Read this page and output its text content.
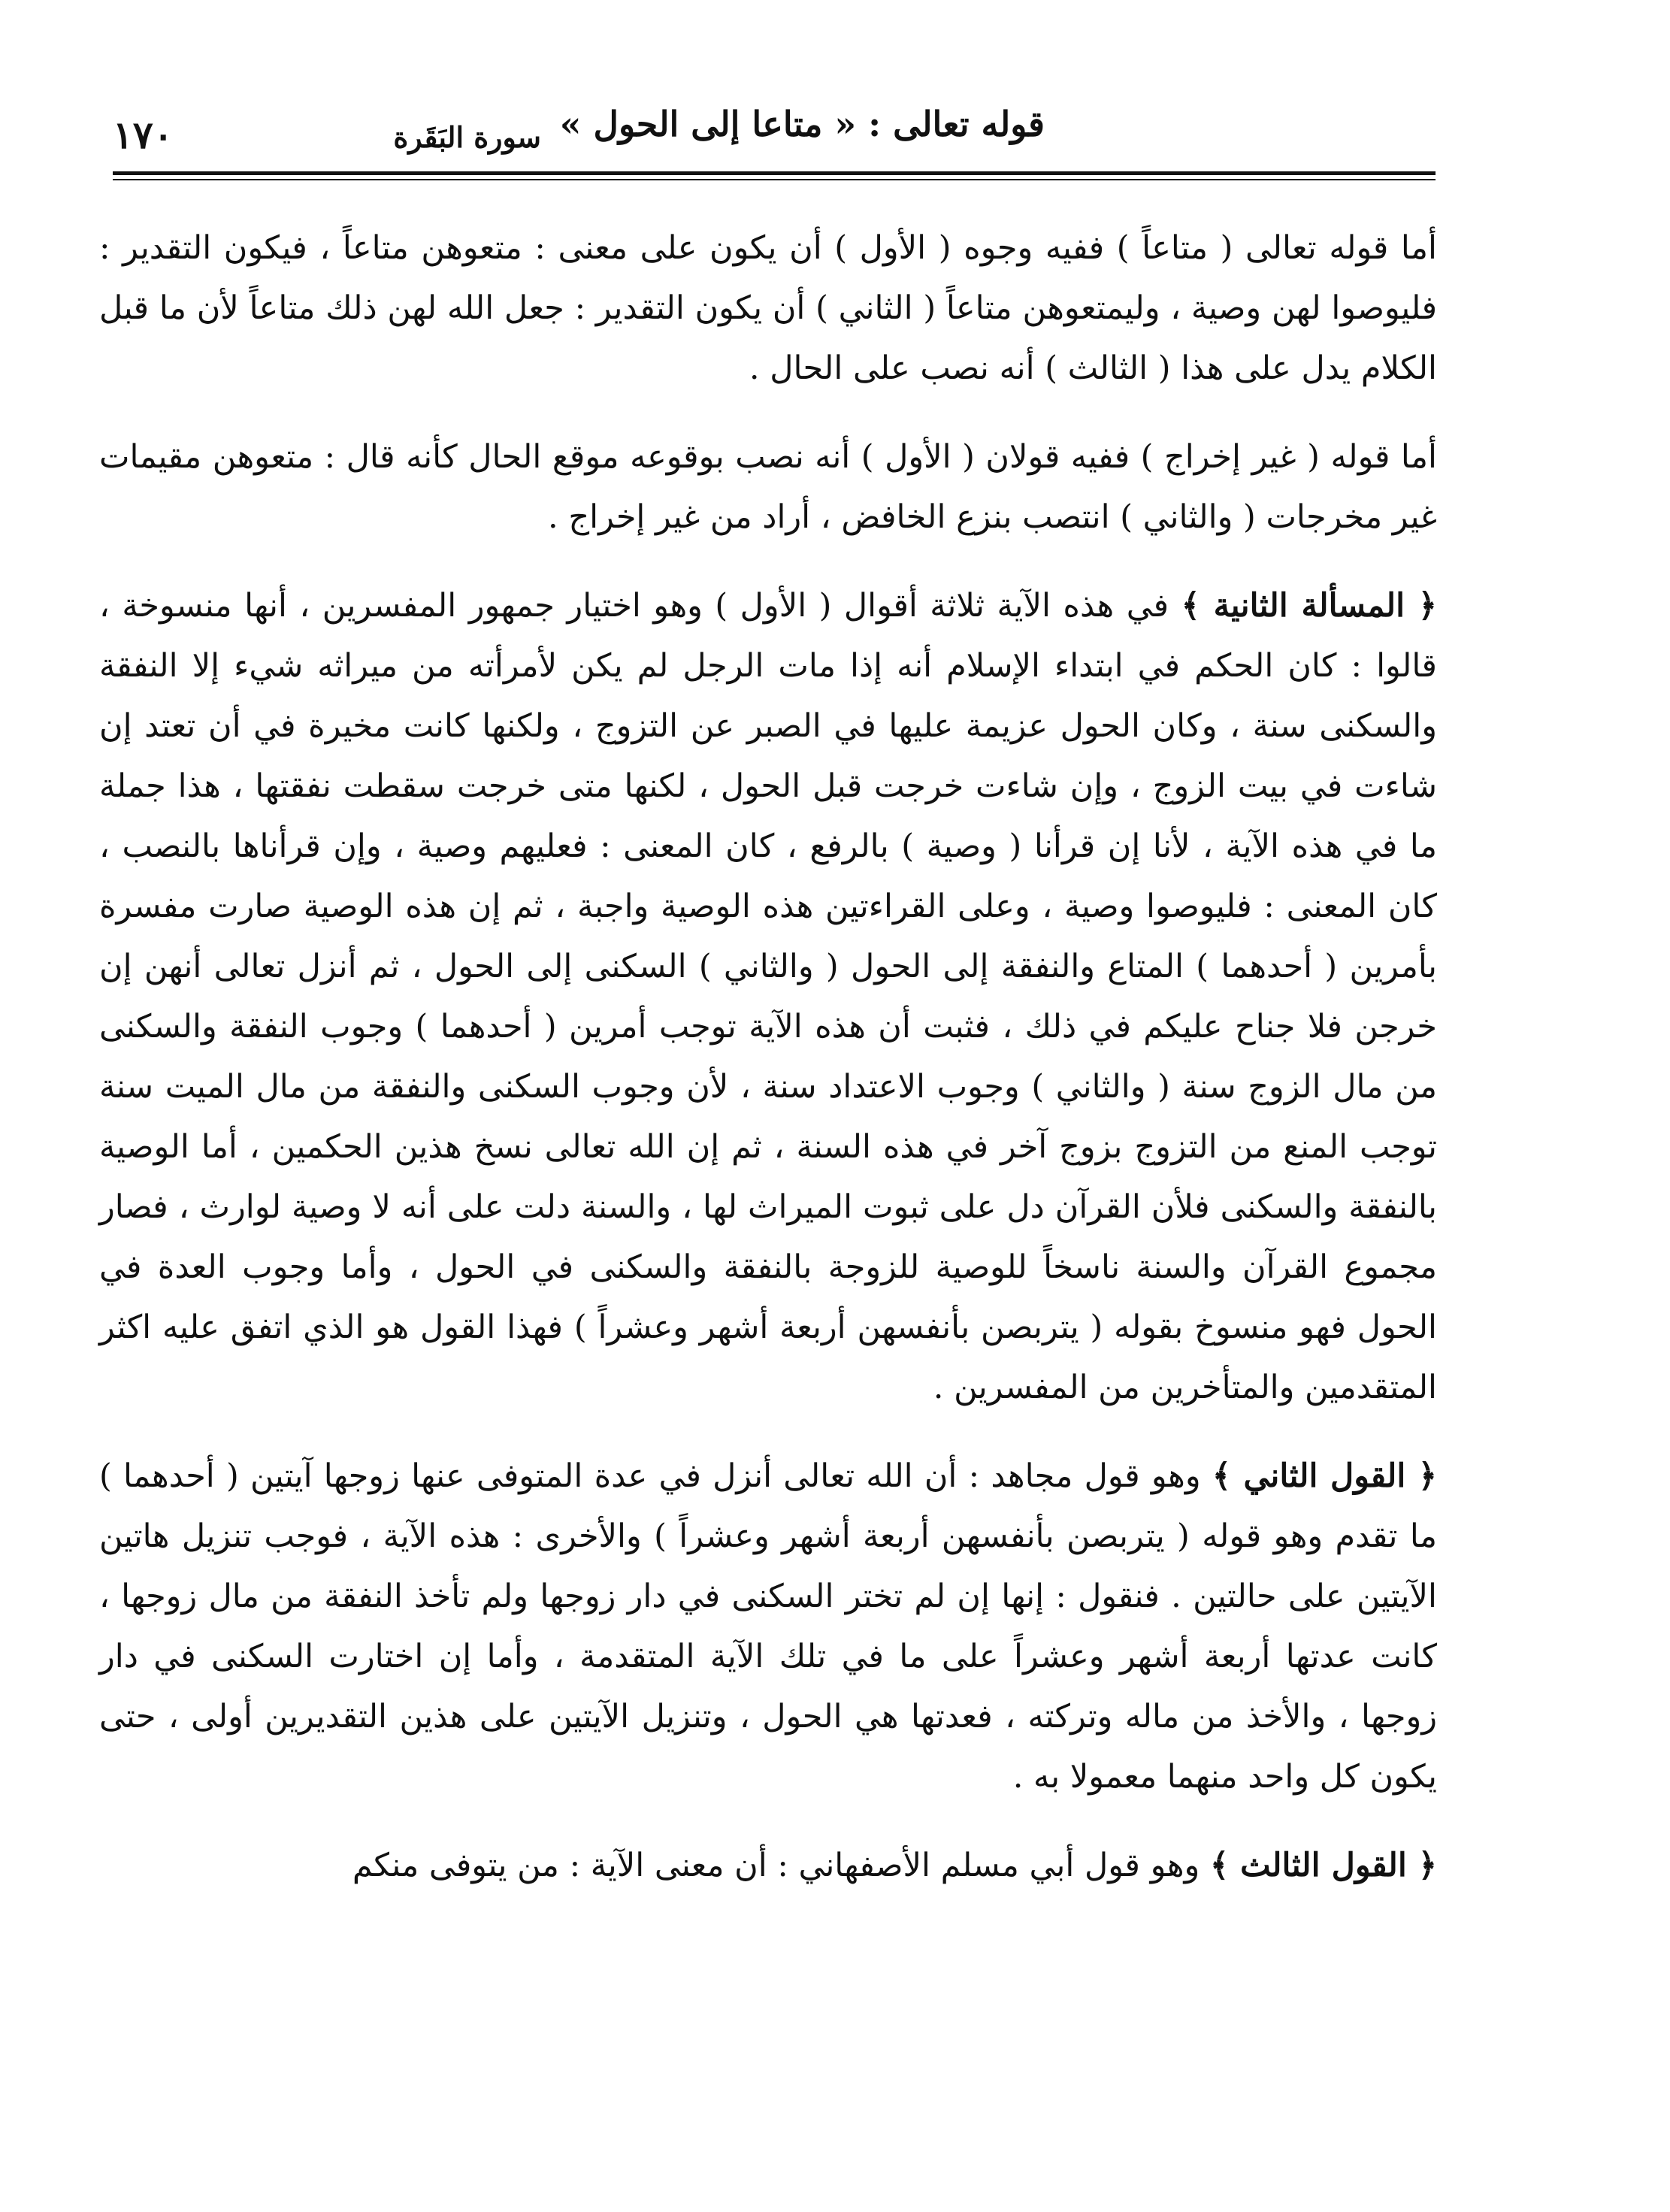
قوله تعالى : « متاعا إلى الحول »
سورة البَقَرة
١٧٠

أما قوله تعالى ( متاعاً ) ففيه وجوه ( الأول ) أن يكون على معنى : متعوهن متاعاً ، فيكون التقدير : فليوصوا لهن وصية ، وليمتعوهن متاعاً ( الثاني ) أن يكون التقدير : جعل الله لهن ذلك متاعاً لأن ما قبل الكلام يدل على هذا ( الثالث ) أنه نصب على الحال .

أما قوله ( غير إخراج ) ففيه قولان ( الأول ) أنه نصب بوقوعه موقع الحال كأنه قال : متعوهن مقيمات غير مخرجات ( والثاني ) انتصب بنزع الخافض ، أراد من غير إخراج .

﴿ المسألة الثانية ﴾ في هذه الآية ثلاثة أقوال ( الأول ) وهو اختيار جمهور المفسرين ، أنها منسوخة ، قالوا : كان الحكم في ابتداء الإسلام أنه إذا مات الرجل لم يكن لأمرأته من ميراثه شيء إلا النفقة والسكنى سنة ، وكان الحول عزيمة عليها في الصبر عن التزوج ، ولكنها كانت مخيرة في أن تعتد إن شاءت في بيت الزوج ، وإن شاءت خرجت قبل الحول ، لكنها متى خرجت سقطت نفقتها ، هذا جملة ما في هذه الآية ، لأنا إن قرأنا ( وصية ) بالرفع ، كان المعنى : فعليهم وصية ، وإن قرأناها بالنصب ، كان المعنى : فليوصوا وصية ، وعلى القراءتين هذه الوصية واجبة ، ثم إن هذه الوصية صارت مفسرة بأمرين ( أحدهما ) المتاع والنفقة إلى الحول ( والثاني ) السكنى إلى الحول ، ثم أنزل تعالى أنهن إن خرجن فلا جناح عليكم في ذلك ، فثبت أن هذه الآية توجب أمرين ( أحدهما ) وجوب النفقة والسكنى من مال الزوج سنة ( والثاني ) وجوب الاعتداد سنة ، لأن وجوب السكنى والنفقة من مال الميت سنة توجب المنع من التزوج بزوج آخر في هذه السنة ، ثم إن الله تعالى نسخ هذين الحكمين ، أما الوصية بالنفقة والسكنى فلأن القرآن دل على ثبوت الميراث لها ، والسنة دلت على أنه لا وصية لوارث ، فصار مجموع القرآن والسنة ناسخاً للوصية للزوجة بالنفقة والسكنى في الحول ، وأما وجوب العدة في الحول فهو منسوخ بقوله ( يتربصن بأنفسهن أربعة أشهر وعشراً ) فهذا القول هو الذي اتفق عليه اكثر المتقدمين والمتأخرين من المفسرين .

﴿ القول الثاني ﴾ وهو قول مجاهد : أن الله تعالى أنزل في عدة المتوفى عنها زوجها آيتين ( أحدهما ) ما تقدم وهو قوله ( يتربصن بأنفسهن أربعة أشهر وعشراً ) والأخرى : هذه الآية ، فوجب تنزيل هاتين الآيتين على حالتين . فنقول : إنها إن لم تختر السكنى في دار زوجها ولم تأخذ النفقة من مال زوجها ، كانت عدتها أربعة أشهر وعشراً على ما في تلك الآية المتقدمة ، وأما إن اختارت السكنى في دار زوجها ، والأخذ من ماله وتركته ، فعدتها هي الحول ، وتنزيل الآيتين على هذين التقديرين أولى ، حتى يكون كل واحد منهما معمولا به .

﴿ القول الثالث ﴾ وهو قول أبي مسلم الأصفهاني : أن معنى الآية : من يتوفى منكم
